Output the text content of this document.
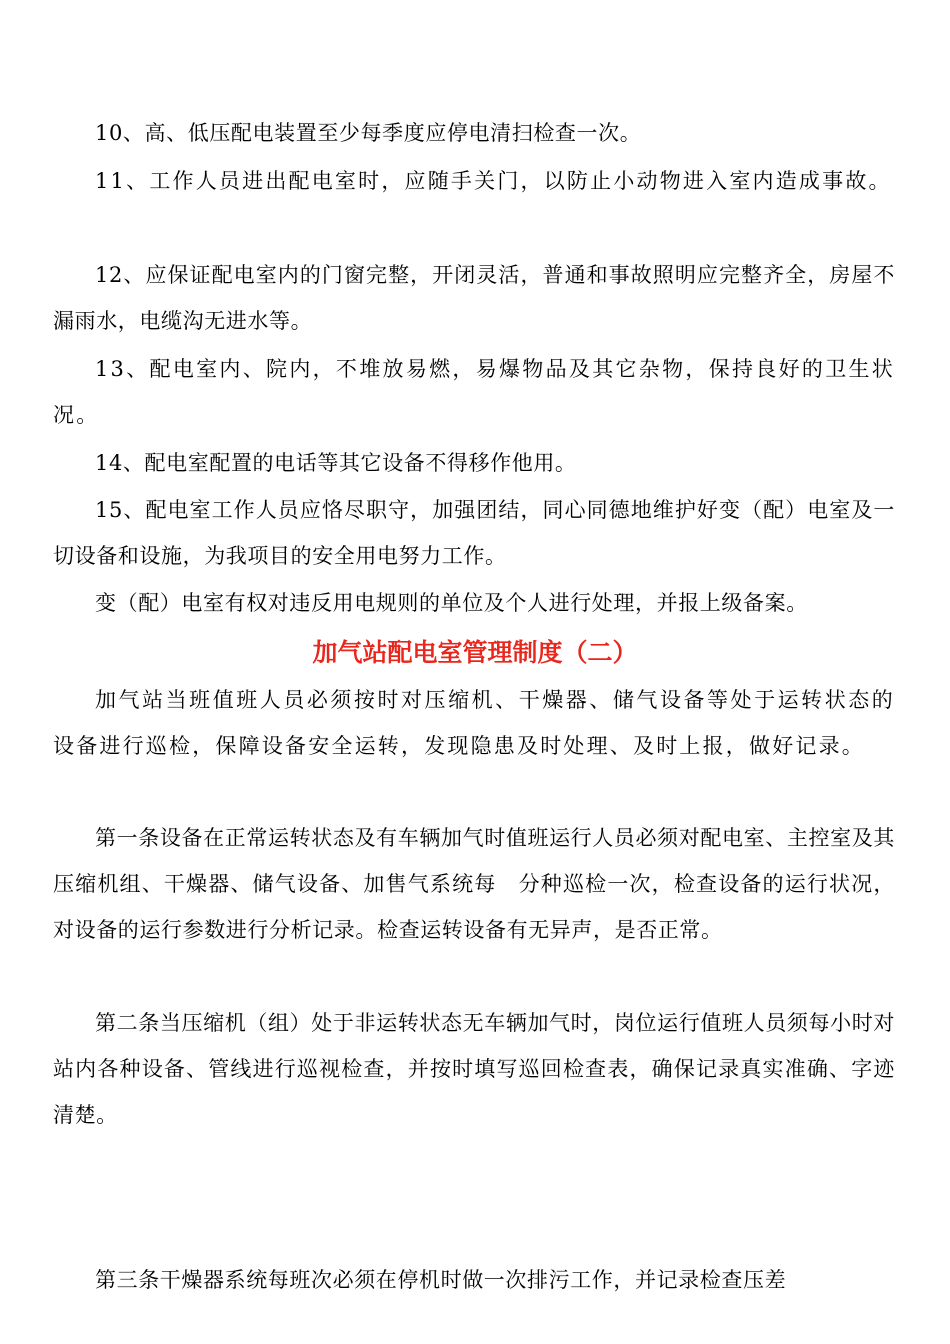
10、高、低压配电装置至少每季度应停电清扫检查一次。

11、工作人员进出配电室时，应随手关门，以防止小动物进入室内造成事故。

12、应保证配电室内的门窗完整，开闭灵活，普通和事故照明应完整齐全，房屋不漏雨水，电缆沟无进水等。

13、配电室内、院内，不堆放易燃，易爆物品及其它杂物，保持良好的卫生状况。

14、配电室配置的电话等其它设备不得移作他用。

15、配电室工作人员应恪尽职守，加强团结，同心同德地维护好变（配）电室及一切设备和设施，为我项目的安全用电努力工作。

变（配）电室有权对违反用电规则的单位及个人进行处理，并报上级备案。

加气站配电室管理制度（二）

加气站当班值班人员必须按时对压缩机、干燥器、储气设备等处于运转状态的设备进行巡检，保障设备安全运转，发现隐患及时处理、及时上报，做好记录。

第一条设备在正常运转状态及有车辆加气时值班运行人员必须对配电室、主控室及其压缩机组、干燥器、储气设备、加售气系统每　分种巡检一次，检查设备的运行状况，对设备的运行参数进行分析记录。检查运转设备有无异声，是否正常。

第二条当压缩机（组）处于非运转状态无车辆加气时，岗位运行值班人员须每小时对站内各种设备、管线进行巡视检查，并按时填写巡回检查表，确保记录真实准确、字迹清楚。

第三条干燥器系统每班次必须在停机时做一次排污工作，并记录检查压差
